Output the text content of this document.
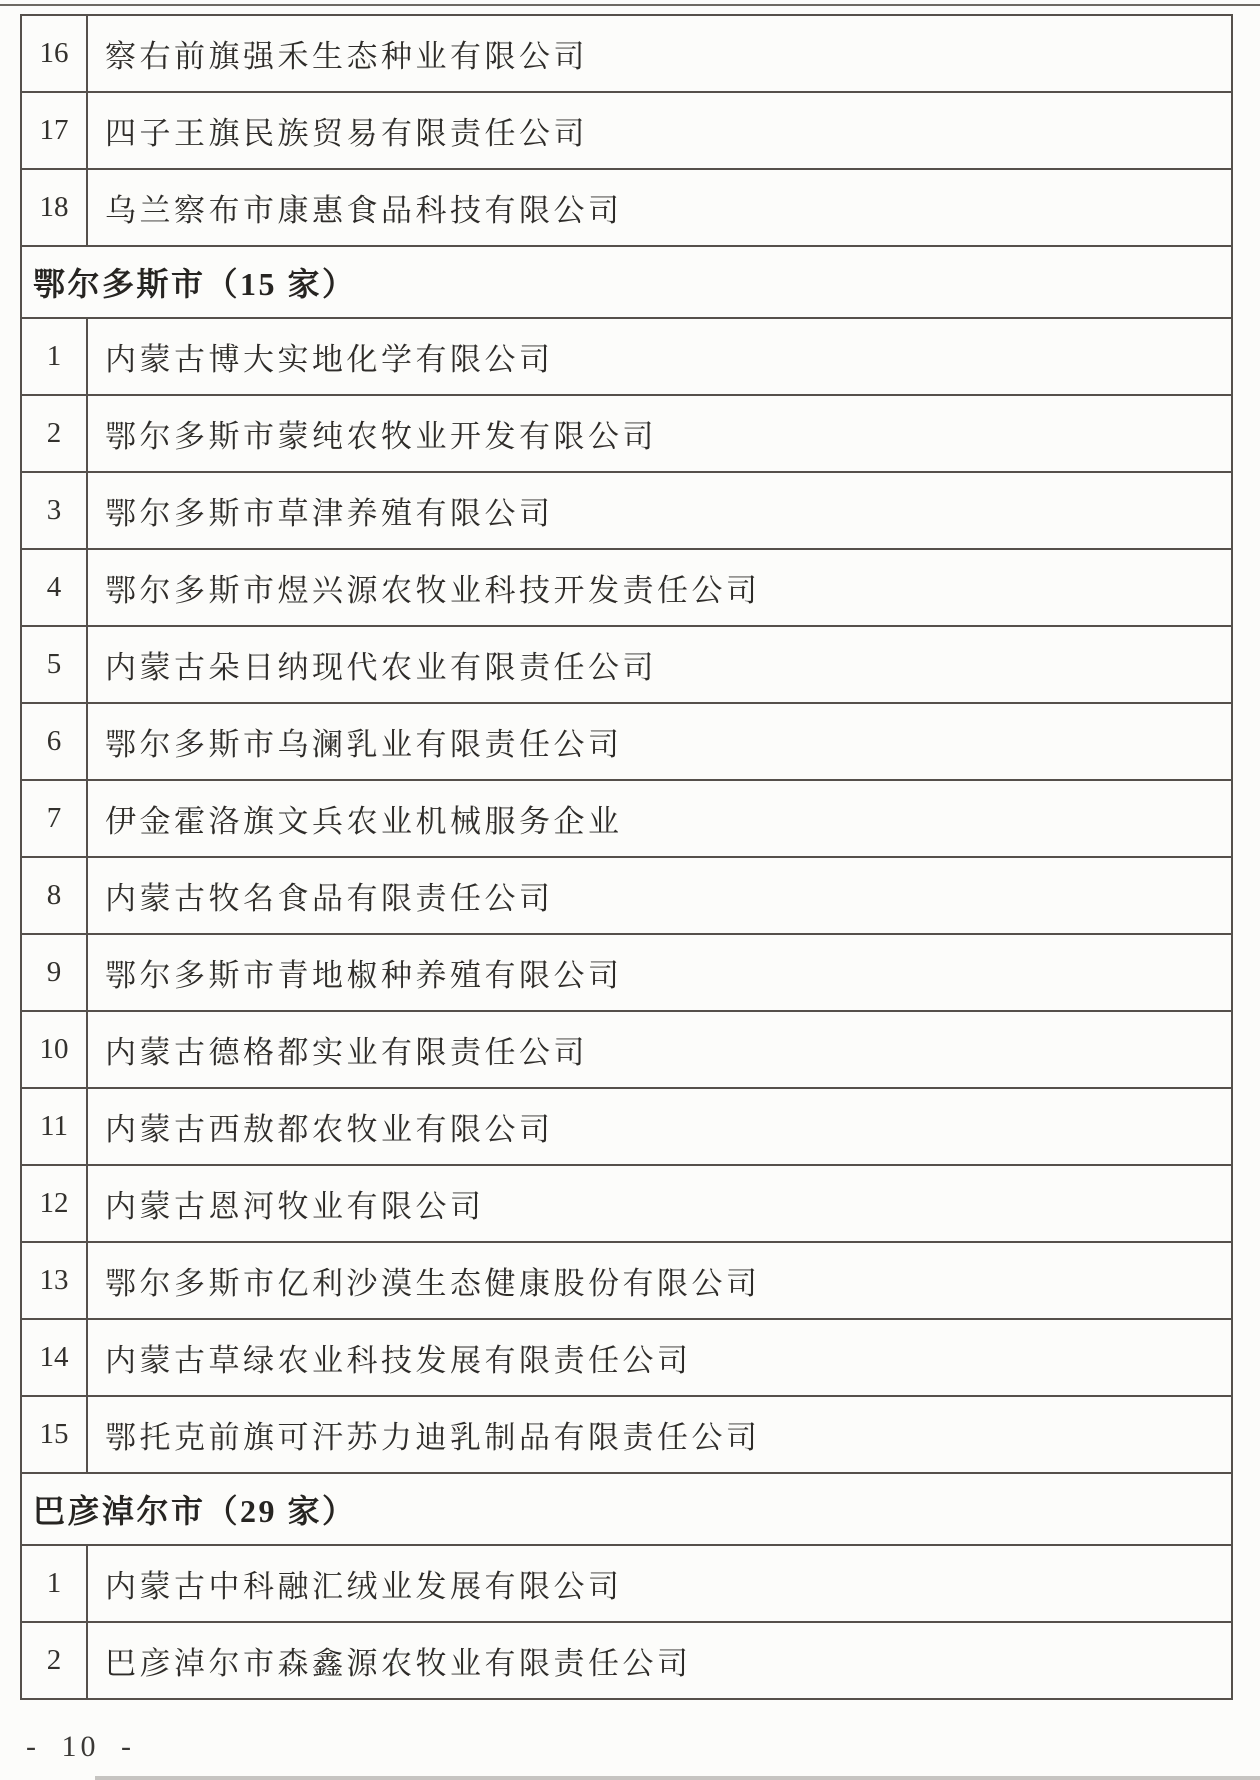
16	察右前旗强禾生态种业有限公司
17	四子王旗民族贸易有限责任公司
18	乌兰察布市康惠食品科技有限公司
鄂尔多斯市（15 家）
1	内蒙古博大实地化学有限公司
2	鄂尔多斯市蒙纯农牧业开发有限公司
3	鄂尔多斯市草津养殖有限公司
4	鄂尔多斯市煜兴源农牧业科技开发责任公司
5	内蒙古朵日纳现代农业有限责任公司
6	鄂尔多斯市乌澜乳业有限责任公司
7	伊金霍洛旗文兵农业机械服务企业
8	内蒙古牧名食品有限责任公司
9	鄂尔多斯市青地椒种养殖有限公司
10	内蒙古德格都实业有限责任公司
11	内蒙古西敖都农牧业有限公司
12	内蒙古恩河牧业有限公司
13	鄂尔多斯市亿利沙漠生态健康股份有限公司
14	内蒙古草绿农业科技发展有限责任公司
15	鄂托克前旗可汗苏力迪乳制品有限责任公司
巴彦淖尔市（29 家）
1	内蒙古中科融汇绒业发展有限公司
2	巴彦淖尔市森鑫源农牧业有限责任公司
- 10 -
